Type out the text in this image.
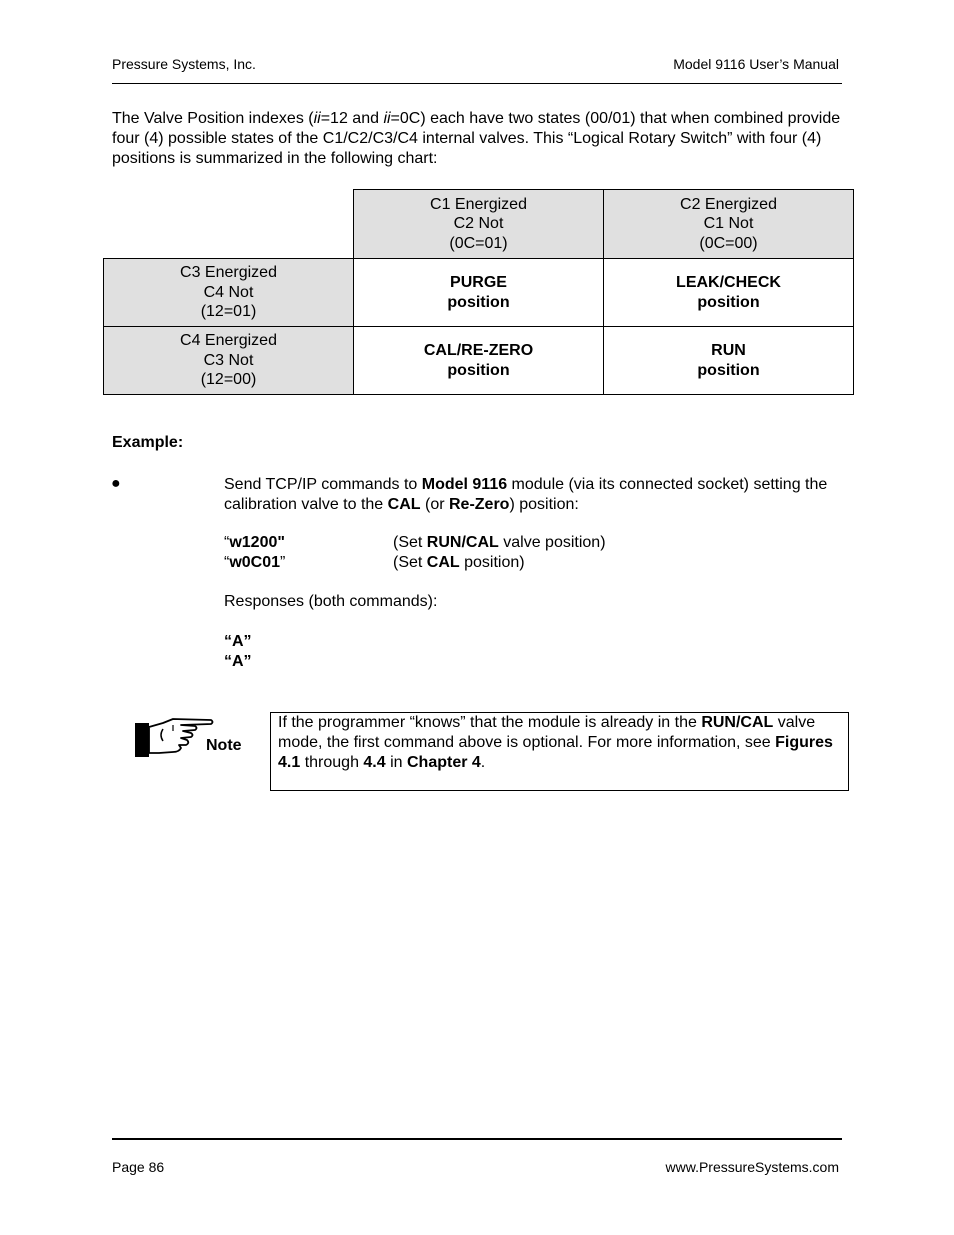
Pressure Systems, Inc.	Model 9116 User’s Manual
The Valve Position indexes (ii=12 and ii=0C) each have two states (00/01) that when combined provide four (4) possible states of the C1/C2/C3/C4 internal valves. This “Logical Rotary Switch” with four (4) positions is summarized in the following chart:

	C1 Energized
C2 Not
(0C=01)	C2 Energized
C1 Not
(0C=00)

C3 Energized
C4 Not
(12=01)	PURGE
position	LEAK/CHECK
position

C4 Energized
C3 Not
(12=00)	CAL/RE-ZERO
position	RUN
position
Example:
●	Send TCP/IP commands to Model 9116 module (via its connected socket) setting the calibration valve to the CAL (or Re-Zero) position:
“w1200"	(Set RUN/CAL valve position)
“w0C01”	(Set CAL position)
Responses (both commands):
“A”
“A”
Note
If the programmer “knows” that the module is already in the RUN/CAL valve mode, the first command above is optional. For more information, see Figures 4.1 through 4.4 in Chapter 4.
Page 86	www.PressureSystems.com
